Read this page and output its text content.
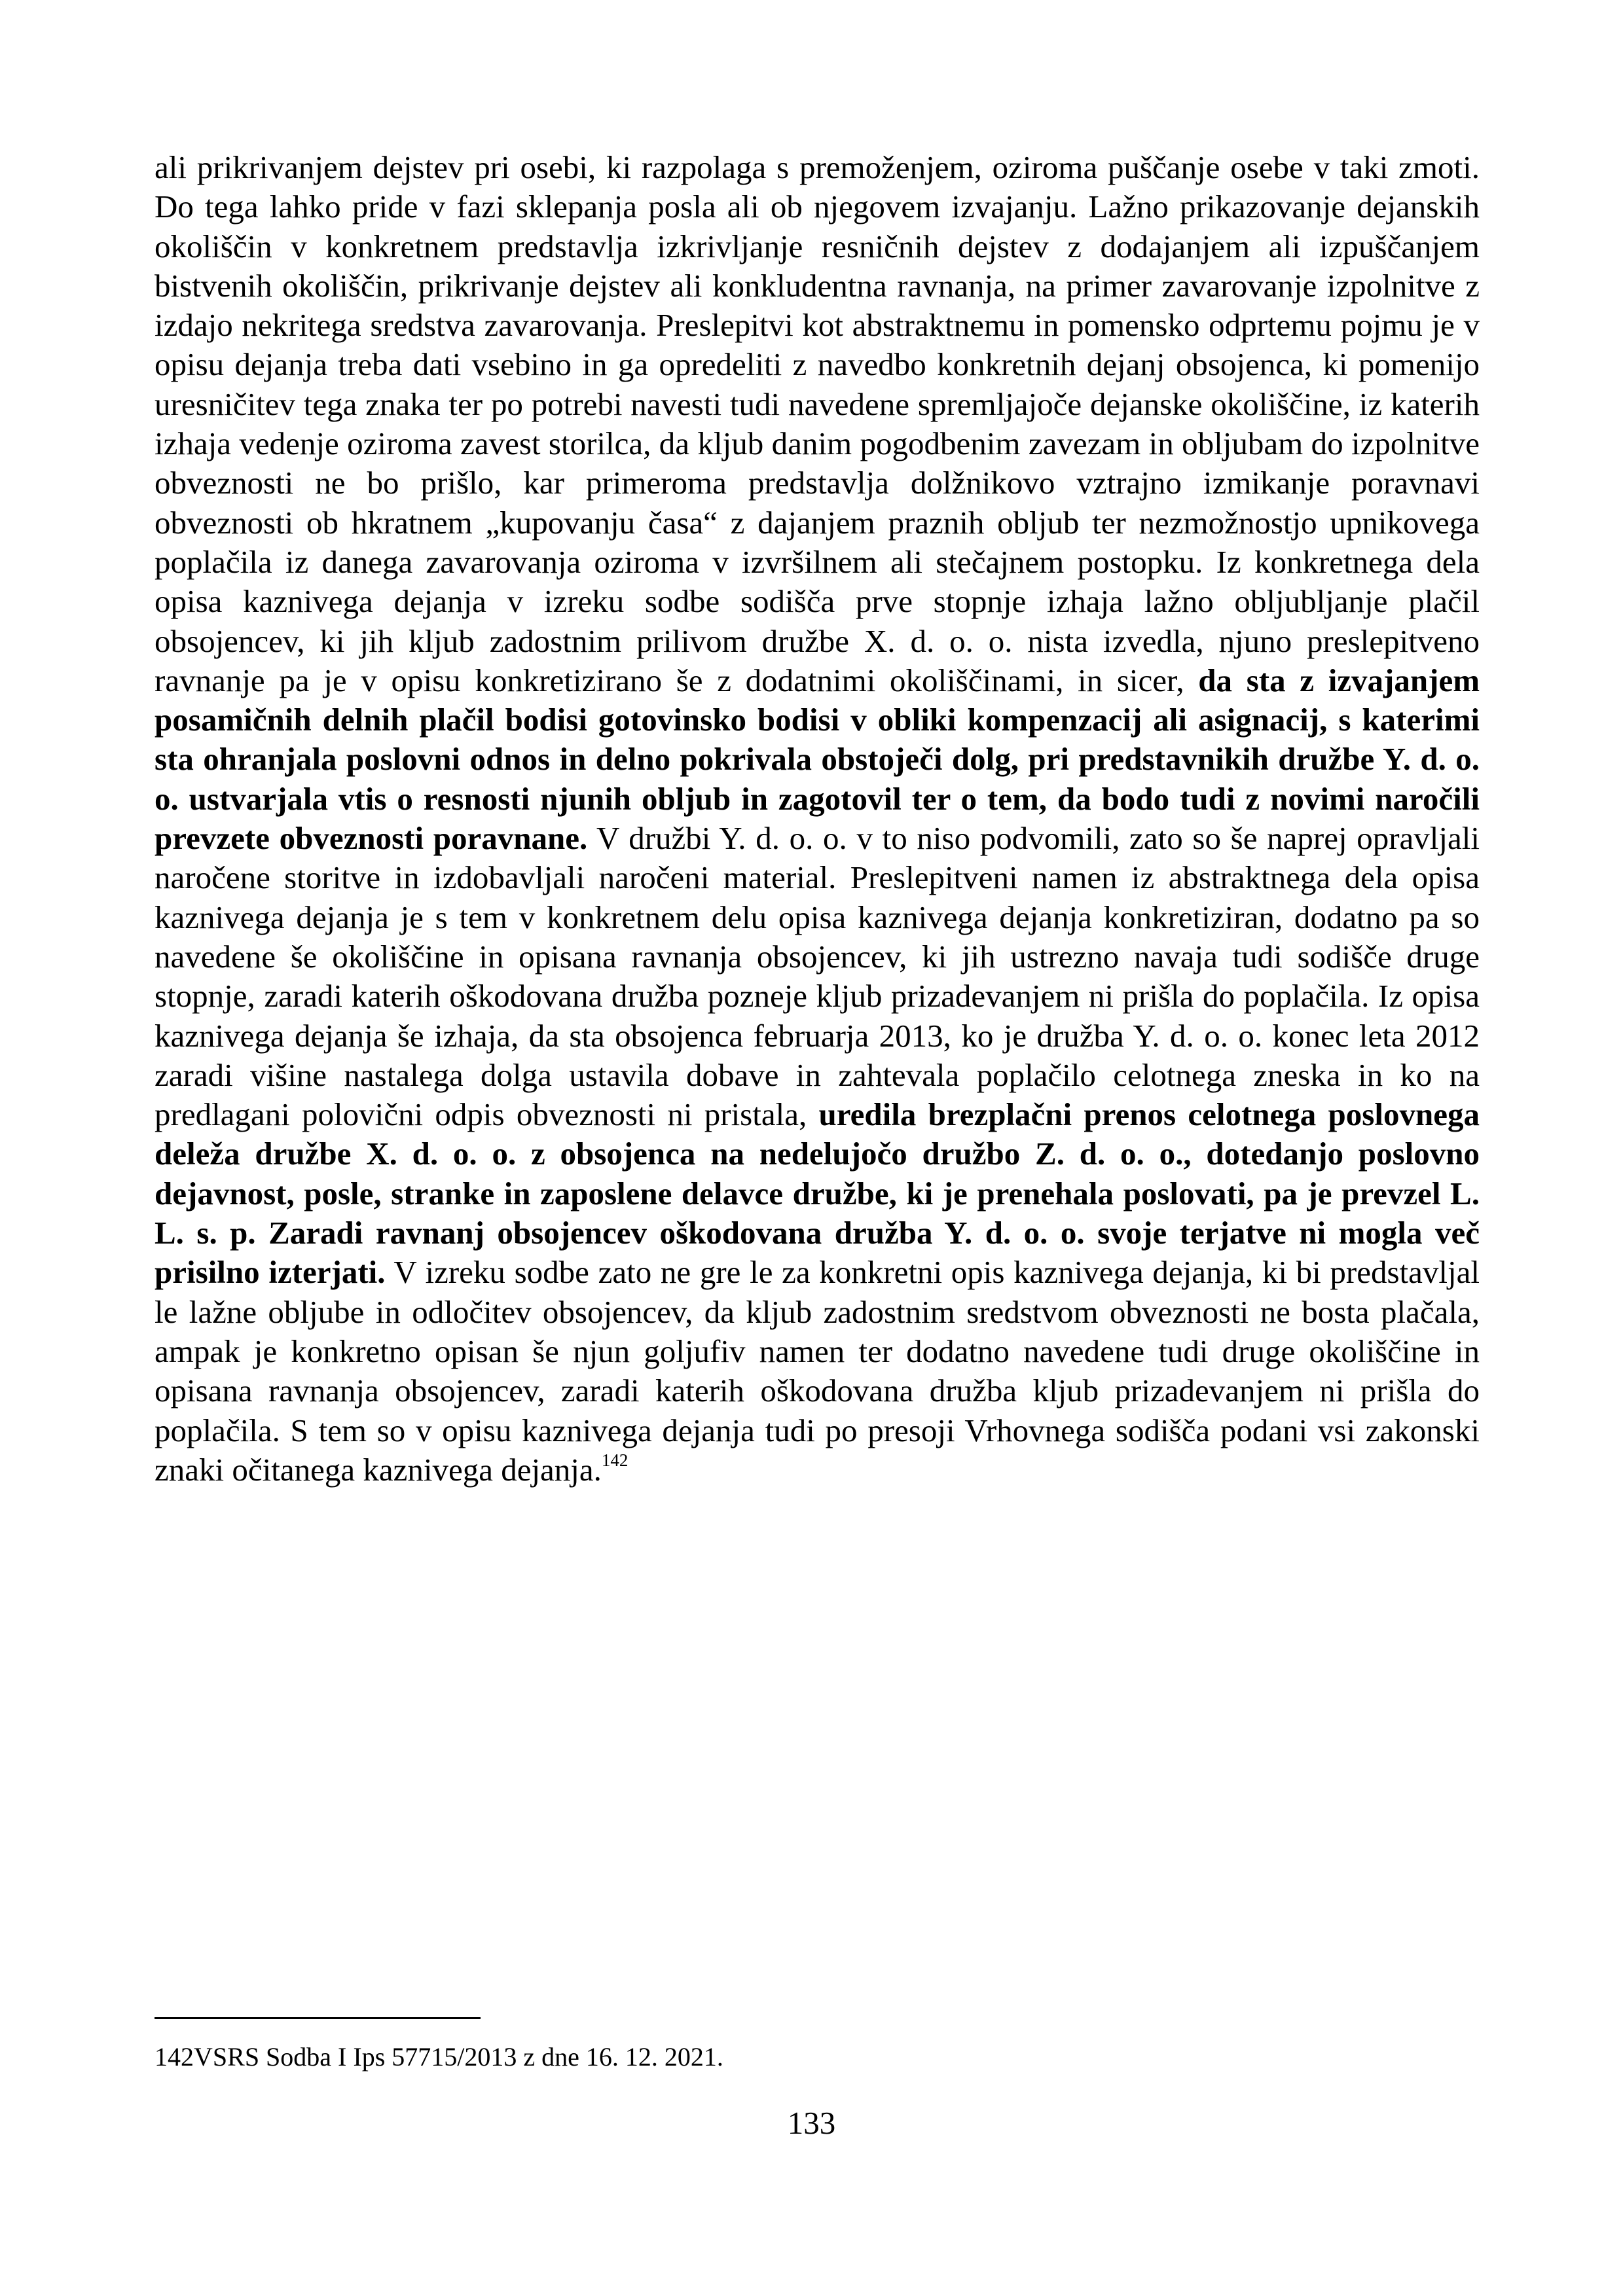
ali prikrivanjem dejstev pri osebi, ki razpolaga s premoženjem, oziroma puščanje osebe v taki zmoti. Do tega lahko pride v fazi sklepanja posla ali ob njegovem izvajanju. Lažno prikazovanje dejanskih okoliščin v konkretnem predstavlja izkrivljanje resničnih dejstev z dodajanjem ali izpuščanjem bistvenih okoliščin, prikrivanje dejstev ali konkludentna ravnanja, na primer zavarovanje izpolnitve z izdajo nekritega sredstva zavarovanja. Preslepitvi kot abstraktnemu in pomensko odprtemu pojmu je v opisu dejanja treba dati vsebino in ga opredeliti z navedbo konkretnih dejanj obsojenca, ki pomenijo uresničitev tega znaka ter po potrebi navesti tudi navedene spremljajoče dejanske okoliščine, iz katerih izhaja vedenje oziroma zavest storilca, da kljub danim pogodbenim zavezam in obljubam do izpolnitve obveznosti ne bo prišlo, kar primeroma predstavlja dolžnikovo vztrajno izmikanje poravnavi obveznosti ob hkratnem „kupovanju časa“ z dajanjem praznih obljub ter nezmožnostjo upnikovega poplačila iz danega zavarovanja oziroma v izvršilnem ali stečajnem postopku. Iz konkretnega dela opisa kaznivega dejanja v izreku sodbe sodišča prve stopnje izhaja lažno obljubljanje plačil obsojencev, ki jih kljub zadostnim prilivom družbe X. d. o. o. nista izvedla, njuno preslepitveno ravnanje pa je v opisu konkretizirano še z dodatnimi okoliščinami, in sicer, da sta z izvajanjem posamičnih delnih plačil bodisi gotovinsko bodisi v obliki kompenzacij ali asignacij, s katerimi sta ohranjala poslovni odnos in delno pokrivala obstoječi dolg, pri predstavnikih družbe Y. d. o. o. ustvarjala vtis o resnosti njunih obljub in zagotovil ter o tem, da bodo tudi z novimi naročili prevzete obveznosti poravnane. V družbi Y. d. o. o. v to niso podvomili, zato so še naprej opravljali naročene storitve in izdobavljali naročeni material. Preslepitveni namen iz abstraktnega dela opisa kaznivega dejanja je s tem v konkretnem delu opisa kaznivega dejanja konkretiziran, dodatno pa so navedene še okoliščine in opisana ravnanja obsojencev, ki jih ustrezno navaja tudi sodišče druge stopnje, zaradi katerih oškodovana družba pozneje kljub prizadevanjem ni prišla do poplačila. Iz opisa kaznivega dejanja še izhaja, da sta obsojenca februarja 2013, ko je družba Y. d. o. o. konec leta 2012 zaradi višine nastalega dolga ustavila dobave in zahtevala poplačilo celotnega zneska in ko na predlagani polovični odpis obveznosti ni pristala, uredila brezplačni prenos celotnega poslovnega deleža družbe X. d. o. o. z obsojenca na nedelujočo družbo Z. d. o. o., dotedanjo poslovno dejavnost, posle, stranke in zaposlene delavce družbe, ki je prenehala poslovati, pa je prevzel L. L. s. p. Zaradi ravnanj obsojencev oškodovana družba Y. d. o. o. svoje terjatve ni mogla več prisilno izterjati. V izreku sodbe zato ne gre le za konkretni opis kaznivega dejanja, ki bi predstavljal le lažne obljube in odločitev obsojencev, da kljub zadostnim sredstvom obveznosti ne bosta plačala, ampak je konkretno opisan še njun goljufiv namen ter dodatno navedene tudi druge okoliščine in opisana ravnanja obsojencev, zaradi katerih oškodovana družba kljub prizadevanjem ni prišla do poplačila. S tem so v opisu kaznivega dejanja tudi po presoji Vrhovnega sodišča podani vsi zakonski znaki očitanega kaznivega dejanja.$^{142}$

142VSRS Sodba I Ips 57715/2013 z dne 16. 12. 2021.

133
